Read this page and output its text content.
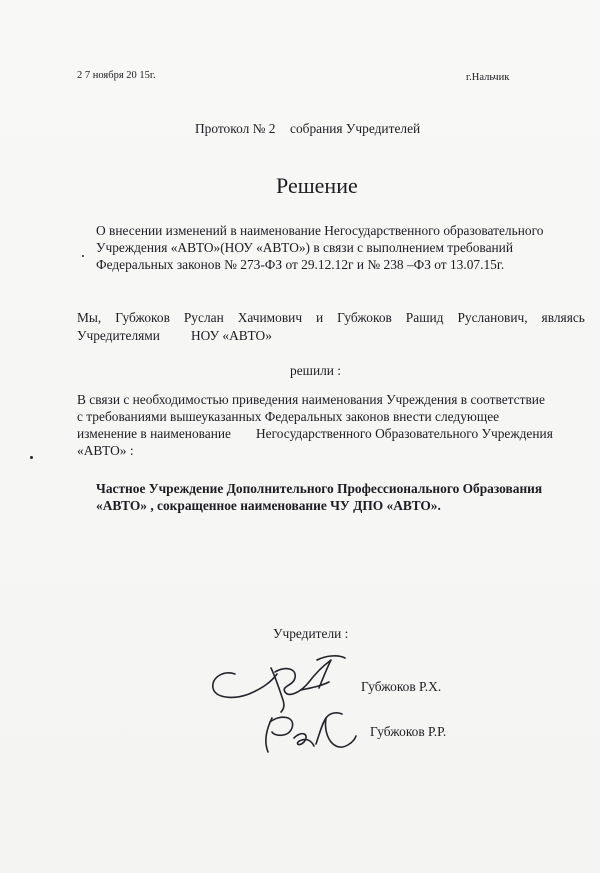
2 7 ноября 20 15г.	г.Нальчик
Протокол № 2 собрания Учредителей
Решение
О внесении изменений в наименование Негосударственного образовательного
Учреждения «АВТО»(НОУ «АВТО») в связи с выполнением требований
Федеральных законов № 273-ФЗ от 29.12.12г и № 238 –ФЗ от 13.07.15г.
Мы, Губжоков Руслан Хачимович и Губжоков Рашид Русланович, являясь
Учредителями НОУ «АВТО»
решили :
В связи с необходимостью приведения наименования Учреждения в соответствие
с требованиями вышеуказанных Федеральных законов внести следующее
изменение в наименование Негосударственного Образовательного Учреждения
«АВТО» :
Частное Учреждение Дополнительного Профессионального Образования
«АВТО» , сокращенное наименование ЧУ ДПО «АВТО».
Учредители :
Губжоков Р.Х.
Губжоков Р.Р.
